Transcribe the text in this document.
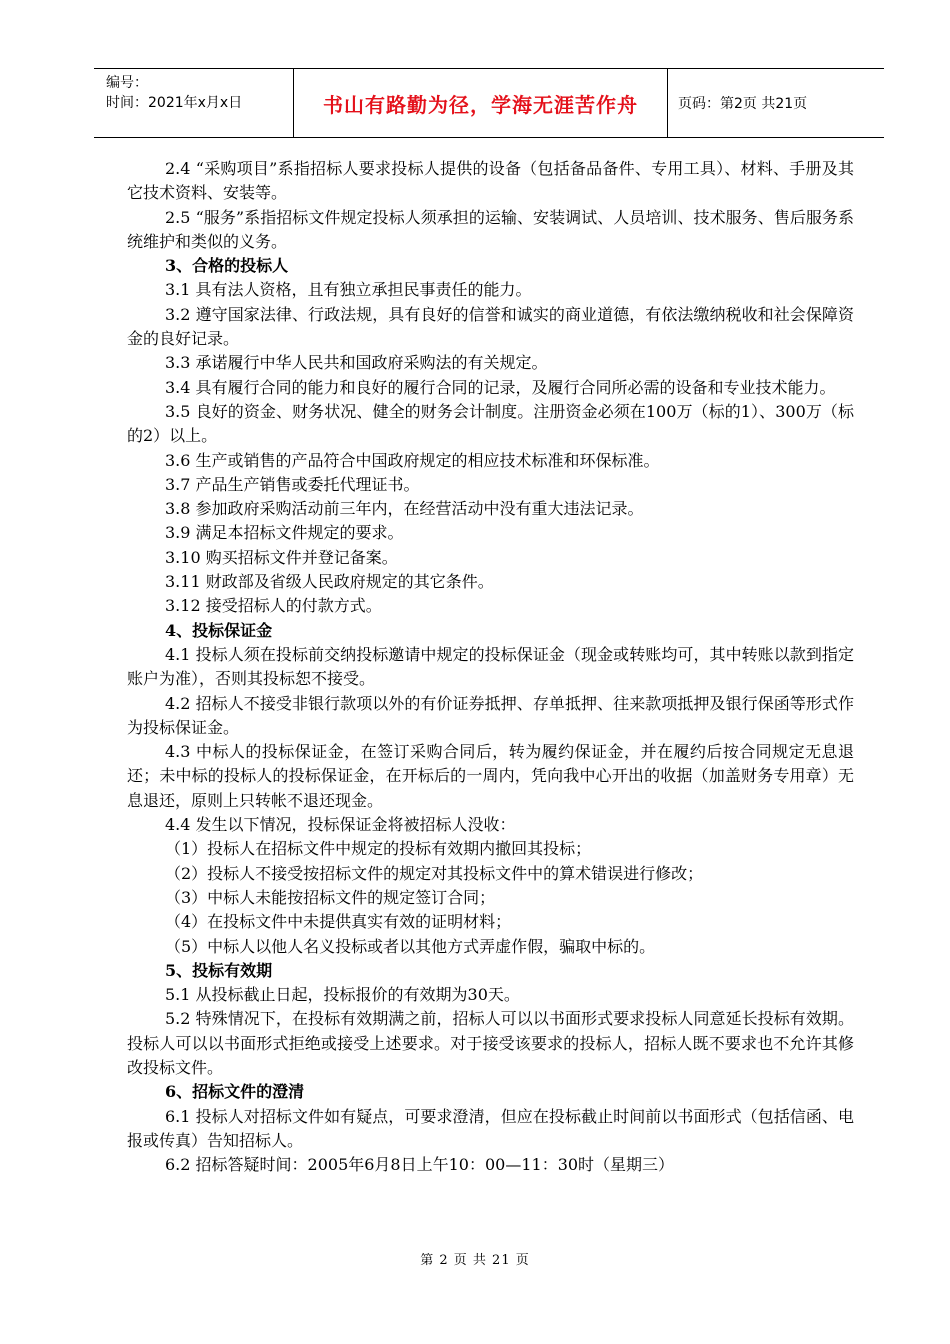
编号：
时间：2021年x月x日	书山有路勤为径，学海无涯苦作舟	页码：第2页 共21页

2.4 “采购项目”系指招标人要求投标人提供的设备（包括备品备件、专用工具）、材料、手册及其它技术资料、安装等。

2.5 “服务”系指招标文件规定投标人须承担的运输、安装调试、人员培训、技术服务、售后服务系统维护和类似的义务。

3、合格的投标人

3.1 具有法人资格，且有独立承担民事责任的能力。

3.2 遵守国家法律、行政法规，具有良好的信誉和诚实的商业道德，有依法缴纳税收和社会保障资金的良好记录。

3.3 承诺履行中华人民共和国政府采购法的有关规定。

3.4 具有履行合同的能力和良好的履行合同的记录，及履行合同所必需的设备和专业技术能力。

3.5 良好的资金、财务状况、健全的财务会计制度。注册资金必须在100万（标的1）、300万（标的2）以上。

3.6 生产或销售的产品符合中国政府规定的相应技术标准和环保标准。

3.7 产品生产销售或委托代理证书。

3.8 参加政府采购活动前三年内，在经营活动中没有重大违法记录。

3.9 满足本招标文件规定的要求。

3.10 购买招标文件并登记备案。

3.11 财政部及省级人民政府规定的其它条件。

3.12 接受招标人的付款方式。

4、投标保证金

4.1 投标人须在投标前交纳投标邀请中规定的投标保证金（现金或转账均可，其中转账以款到指定账户为准），否则其投标恕不接受。

4.2 招标人不接受非银行款项以外的有价证券抵押、存单抵押、往来款项抵押及银行保函等形式作为投标保证金。

4.3 中标人的投标保证金，在签订采购合同后，转为履约保证金，并在履约后按合同规定无息退还；未中标的投标人的投标保证金，在开标后的一周内，凭向我中心开出的收据（加盖财务专用章）无息退还，原则上只转帐不退还现金。

4.4 发生以下情况，投标保证金将被招标人没收：

（1）投标人在招标文件中规定的投标有效期内撤回其投标；

（2）投标人不接受按招标文件的规定对其投标文件中的算术错误进行修改；

（3）中标人未能按招标文件的规定签订合同；

（4）在投标文件中未提供真实有效的证明材料；

（5）中标人以他人名义投标或者以其他方式弄虚作假，骗取中标的。

5、投标有效期

5.1 从投标截止日起，投标报价的有效期为30天。

5.2 特殊情况下，在投标有效期满之前，招标人可以以书面形式要求投标人同意延长投标有效期。投标人可以以书面形式拒绝或接受上述要求。对于接受该要求的投标人，招标人既不要求也不允许其修改投标文件。

6、招标文件的澄清

6.1 投标人对招标文件如有疑点，可要求澄清，但应在投标截止时间前以书面形式（包括信函、电报或传真）告知招标人。

6.2 招标答疑时间：2005年6月8日上午10：00—11：30时（星期三）

第 2 页 共 21 页
